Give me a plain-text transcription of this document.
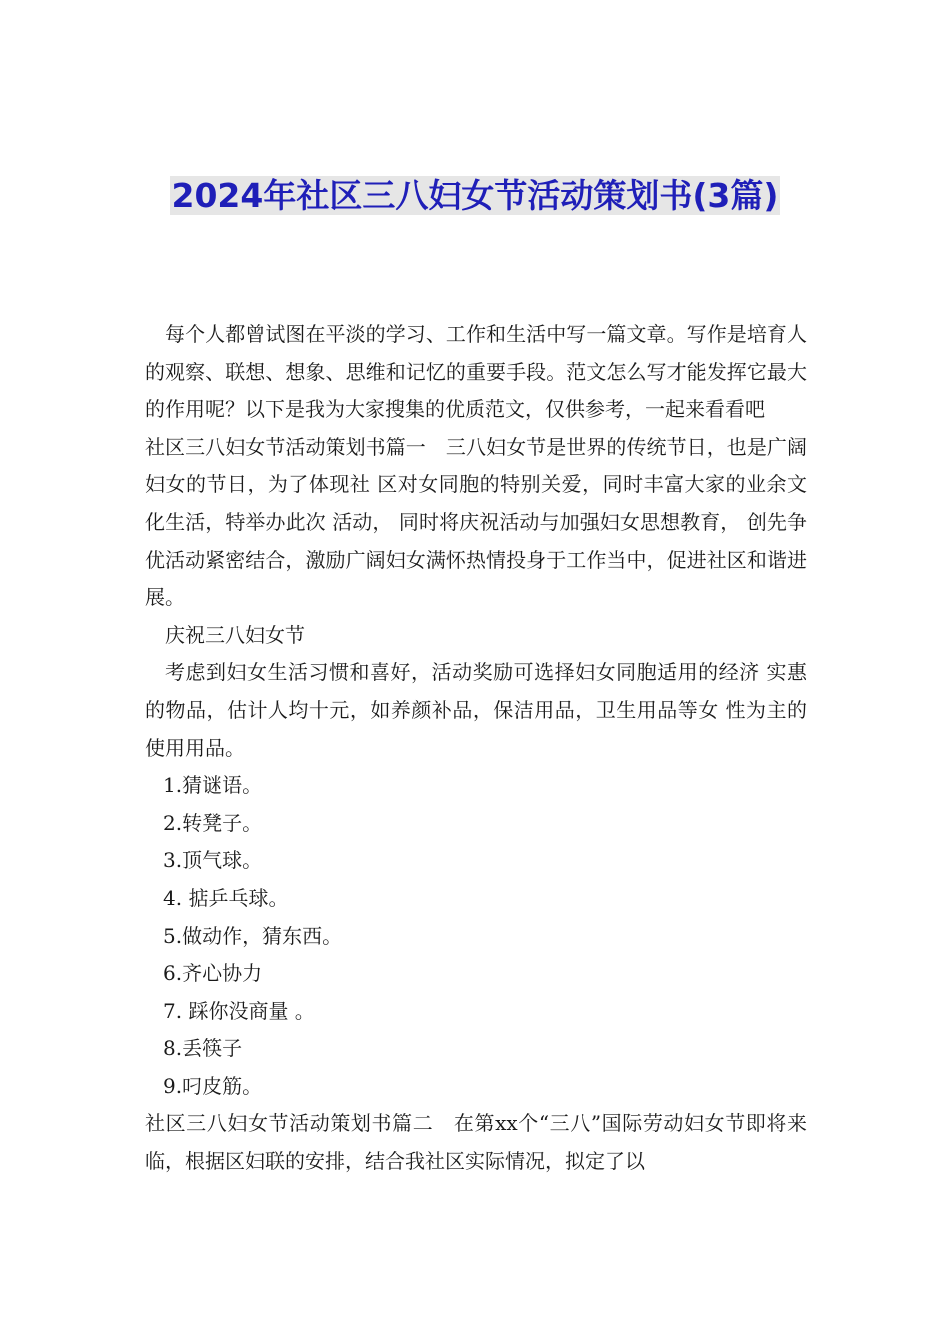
2024年社区三八妇女节活动策划书(3篇)

每个人都曾试图在平淡的学习、工作和生活中写一篇文章。写作是培育人的观察、联想、想象、思维和记忆的重要手段。范文怎么写才能发挥它最大的作用呢？以下是我为大家搜集的优质范文，仅供参考，一起来看看吧

社区三八妇女节活动策划书篇一　三八妇女节是世界的传统节日，也是广阔妇女的节日，为了体现社 区对女同胞的特别关爱，同时丰富大家的业余文化生活，特举办此次 活动， 同时将庆祝活动与加强妇女思想教育， 创先争优活动紧密结合，激励广阔妇女满怀热情投身于工作当中，促进社区和谐进展。

庆祝三八妇女节

考虑到妇女生活习惯和喜好，活动奖励可选择妇女同胞适用的经济 实惠的物品，估计人均十元，如养颜补品，保洁用品，卫生用品等女 性为主的使用用品。

1.猜谜语。

2.转凳子。

3.顶气球。

4. 掂乒乓球。

5.做动作，猜东西。

6.齐心协力

7. 踩你没商量 。

8.丢筷子

9.叼皮筋。

社区三八妇女节活动策划书篇二　在第xx个“三八”国际劳动妇女节即将来临，根据区妇联的安排，结合我社区实际情况，拟定了以
